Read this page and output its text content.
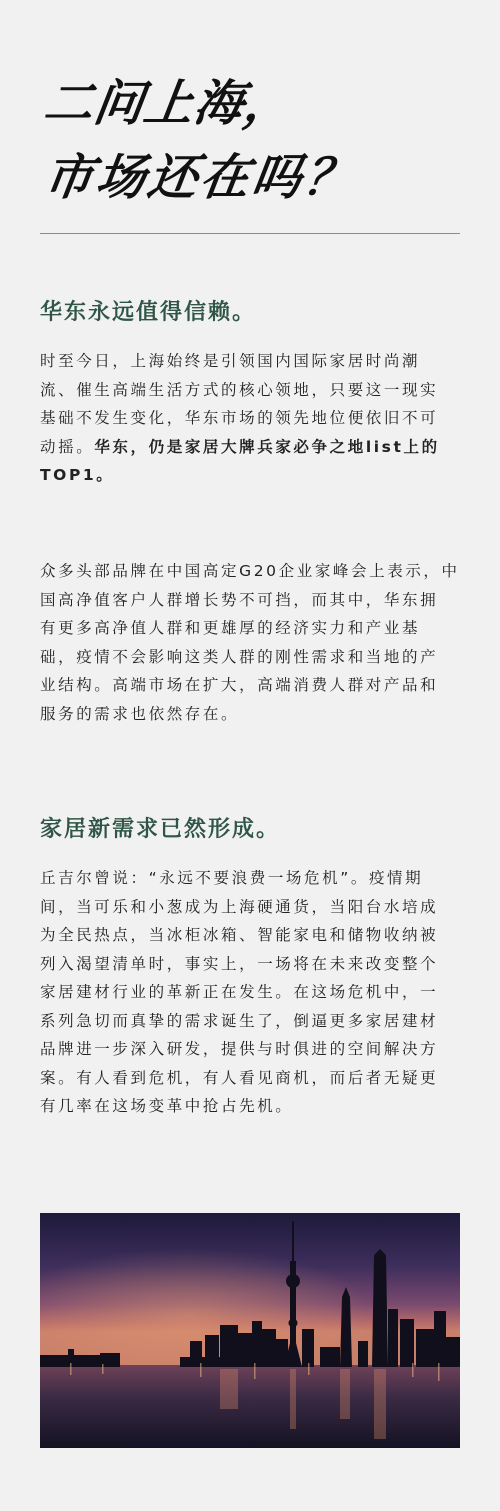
二问上海，
市场还在吗？
华东永远值得信赖。
时至今日，上海始终是引领国内国际家居时尚潮
流、催生高端生活方式的核心领地，只要这一现实
基础不发生变化，华东市场的领先地位便依旧不可
动摇。华东，仍是家居大牌兵家必争之地list上的
TOP1。
众多头部品牌在中国高定G20企业家峰会上表示，中
国高净值客户人群增长势不可挡，而其中，华东拥
有更多高净值人群和更雄厚的经济实力和产业基
础，疫情不会影响这类人群的刚性需求和当地的产
业结构。高端市场在扩大，高端消费人群对产品和
服务的需求也依然存在。
家居新需求已然形成。
丘吉尔曾说：“永远不要浪费一场危机”。疫情期
间，当可乐和小葱成为上海硬通货，当阳台水培成
为全民热点，当冰柜冰箱、智能家电和储物收纳被
列入渴望清单时，事实上，一场将在未来改变整个
家居建材行业的革新正在发生。在这场危机中，一
系列急切而真挚的需求诞生了，倒逼更多家居建材
品牌进一步深入研发，提供与时俱进的空间解决方
案。有人看到危机，有人看见商机，而后者无疑更
有几率在这场变革中抢占先机。
